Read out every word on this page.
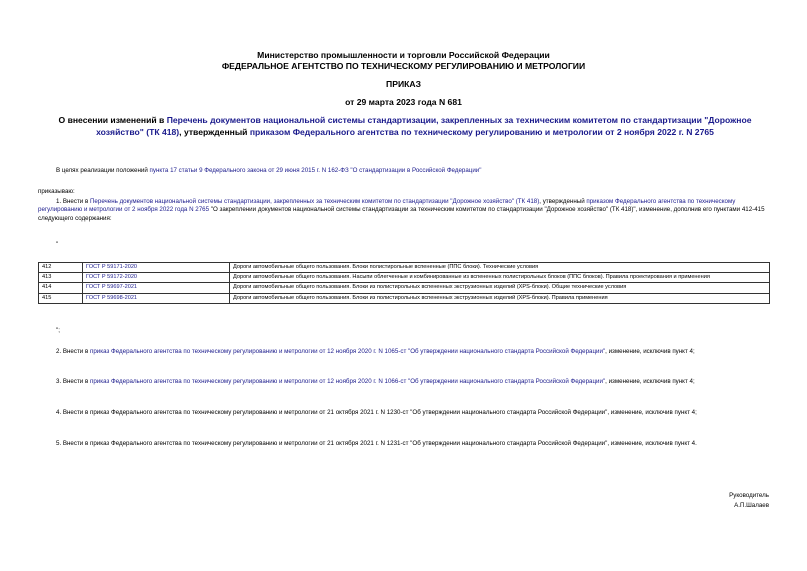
Министерство промышленности и торговли Российской Федерации
ФЕДЕРАЛЬНОЕ АГЕНТСТВО ПО ТЕХНИЧЕСКОМУ РЕГУЛИРОВАНИЮ И МЕТРОЛОГИИ
ПРИКАЗ
от 29 марта 2023 года N 681
О внесении изменений в Перечень документов национальной системы стандартизации, закрепленных за техническим комитетом по стандартизации "Дорожное хозяйство" (ТК 418), утвержденный приказом Федерального агентства по техническому регулированию и метрологии от 2 ноября 2022 г. N 2765
В целях реализации положений пункта 17 статьи 9 Федерального закона от 29 июня 2015 г. N 162-ФЗ "О стандартизации в Российской Федерации"
приказываю:
1. Внести в Перечень документов национальной системы стандартизации, закрепленных за техническим комитетом по стандартизации "Дорожное хозяйство" (ТК 418), утвержденный приказом Федерального агентства по техническому регулированию и метрологии от 2 ноября 2022 года N 2765 "О закреплении документов национальной системы стандартизации за техническим комитетом по стандартизации "Дорожное хозяйство" (ТК 418)", изменение, дополнив его пунктами 412-415 следующего содержания:
"
412	ГОСТ Р 59171-2020	Дороги автомобильные общего пользования. Блоки полистирольные вспененные (ППС блоки). Технические условия
413	ГОСТ Р 59172-2020	Дороги автомобильные общего пользования. Насыпи облегченные и комбинированные из вспененных полистирольных блоков (ППС блоков). Правила проектирования и применения
414	ГОСТ Р 59697-2021	Дороги автомобильные общего пользования. Блоки из полистирольных вспененных экструзионных изделий (XPS-блоки). Общие технические условия
415	ГОСТ Р 59698-2021	Дороги автомобильные общего пользования. Блоки из полистирольных вспененных экструзионных изделий (XPS-блоки). Правила применения
";
2. Внести в приказ Федерального агентства по техническому регулированию и метрологии от 12 ноября 2020 г. N 1065-ст "Об утверждении национального стандарта Российской Федерации", изменение, исключив пункт 4;
3. Внести в приказ Федерального агентства по техническому регулированию и метрологии от 12 ноября 2020 г. N 1066-ст "Об утверждении национального стандарта Российской Федерации", изменение, исключив пункт 4;
4. Внести в приказ Федерального агентства по техническому регулированию и метрологии от 21 октября 2021 г. N 1230-ст "Об утверждении национального стандарта Российской Федерации", изменение, исключив пункт 4;
5. Внести в приказ Федерального агентства по техническому регулированию и метрологии от 21 октября 2021 г. N 1231-ст "Об утверждении национального стандарта Российской Федерации", изменение, исключив пункт 4.
Руководитель
А.П.Шалаев
